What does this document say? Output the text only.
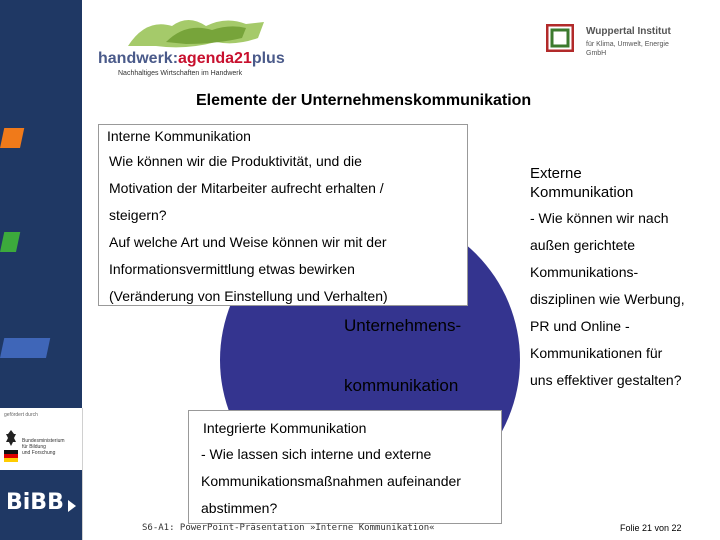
gefördert durch
Bundesministerium
für Bildung
und Forschung
BiBB
handwerk:agenda21plus
Nachhaltiges Wirtschaften im Handwerk
Wuppertal Institut
für Klima, Umwelt, Energie
GmbH
Elemente der Unternehmenskommunikation
Interne Kommunikation
Wie können wir die Produktivität, und die
Motivation der Mitarbeiter aufrecht erhalten /
steigern?
Auf welche Art und Weise können wir mit der
Informationsvermittlung etwas bewirken
(Veränderung von Einstellung und Verhalten)
Externe
Kommunikation
- Wie können wir nach
außen gerichtete
Kommunikations-
disziplinen wie Werbung,
PR und Online -
Kommunikationen für
uns effektiver gestalten?
Unternehmens-
kommunikation
Integrierte Kommunikation
- Wie lassen sich interne und externe
Kommunikationsmaßnahmen aufeinander
abstimmen?
S6-A1: PowerPoint-Präsentation »Interne Kommunikation«	Folie 21 von 22
